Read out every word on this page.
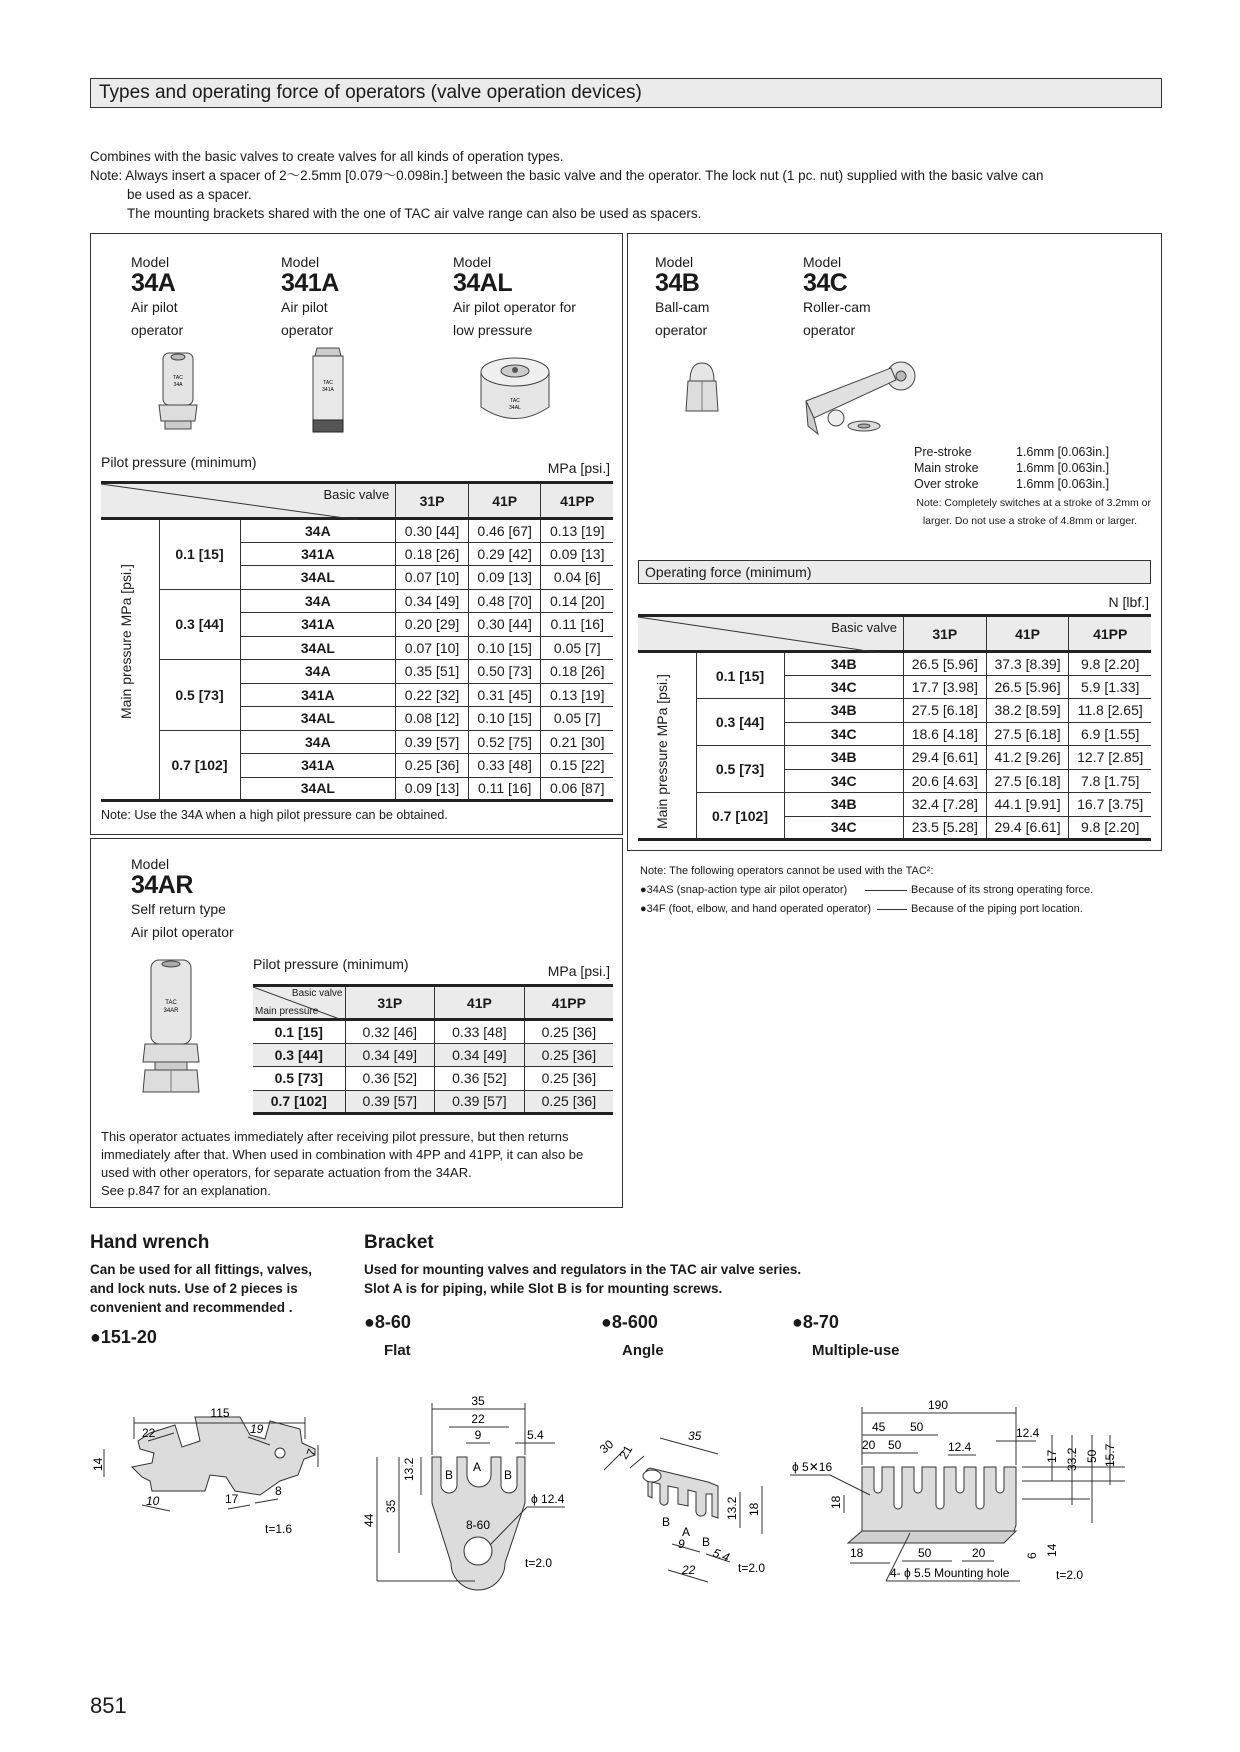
Types and operating force of operators (valve operation devices)
Combines with the basic valves to create valves for all kinds of operation types.
Note: Always insert a spacer of 2～2.5mm [0.079～0.098in.] between the basic valve and the operator. The lock nut (1 pc. nut) supplied with the basic valve can
be used as a spacer.
The mounting brackets shared with the one of TAC air valve range can also be used as spacers.
Model
34A
Air pilot
operator
Model
341A
Air pilot
operator
Model
34AL
Air pilot operator for
low pressure
TAC
34A	TAC
341A
TAC
34AL
Pilot pressure (minimum)	MPa [psi.]
Basic valve			31P	41P	41PP
	0.1 [15]	34A	0.30 [44]	0.46 [67]	0.13 [19]
		341A	0.18 [26]	0.29 [42]	0.09 [13]
		34AL	0.07 [10]	0.09 [13]	0.04 [6]
	0.3 [44]	34A	0.34 [49]	0.48 [70]	0.14 [20]
		341A	0.20 [29]	0.30 [44]	0.11 [16]
		34AL	0.07 [10]	0.10 [15]	0.05 [7]
	0.5 [73]	34A	0.35 [51]	0.50 [73]	0.18 [26]
		341A	0.22 [32]	0.31 [45]	0.13 [19]
		34AL	0.08 [12]	0.10 [15]	0.05 [7]
	0.7 [102]	34A	0.39 [57]	0.52 [75]	0.21 [30]
		341A	0.25 [36]	0.33 [48]	0.15 [22]
		34AL	0.09 [13]	0.11 [16]	0.06 [87]
Main pressure MPa [psi.]
Note: Use the 34A when a high pilot pressure can be obtained.
Model
34B
Ball-cam
operator
Model
34C
Roller-cam
operator
Pre-stroke	1.6mm [0.063in.]
Main stroke	1.6mm [0.063in.]
Over stroke	1.6mm [0.063in.]
Note: Completely switches at a stroke of 3.2mm or
larger. Do not use a stroke of 4.8mm or larger.
Operating force (minimum)
N [lbf.]
Basic valve			31P	41P	41PP
	0.1 [15]	34B	26.5 [5.96]	37.3 [8.39]	9.8 [2.20]
		34C	17.7 [3.98]	26.5 [5.96]	5.9 [1.33]
	0.3 [44]	34B	27.5 [6.18]	38.2 [8.59]	11.8 [2.65]
		34C	18.6 [4.18]	27.5 [6.18]	6.9 [1.55]
	0.5 [73]	34B	29.4 [6.61]	41.2 [9.26]	12.7 [2.85]
		34C	20.6 [4.63]	27.5 [6.18]	7.8 [1.75]
	0.7 [102]	34B	32.4 [7.28]	44.1 [9.91]	16.7 [3.75]
		34C	23.5 [5.28]	29.4 [6.61]	9.8 [2.20]
Main pressure MPa [psi.]
Note: The following operators cannot be used with the TAC²:
●34AS (snap-action type air pilot operator)	Because of its strong operating force.
●34F (foot, elbow, and hand operated operator)	Because of the piping port location.
Model
34AR
Self return type
Air pilot operator
TAC
34AR
Pilot pressure (minimum)	MPa [psi.]
Basic valve
Main pressure	31P	41P	41PP
0.1 [15]	0.32 [46]	0.33 [48]	0.25 [36]
0.3 [44]	0.34 [49]	0.34 [49]	0.25 [36]
0.5 [73]	0.36 [52]	0.36 [52]	0.25 [36]
0.7 [102]	0.39 [57]	0.39 [57]	0.25 [36]
This operator actuates immediately after receiving pilot pressure, but then returns
immediately after that. When used in combination with 4PP and 41PP, it can also be
used with other operators, for separate actuation from the 34AR.
See p.847 for an explanation.
Hand wrench
Can be used for all fittings, valves,
and lock nuts. Use of 2 pieces is
convenient and recommended .
●151-20
Bracket
Used for mounting valves and regulators in the TAC air valve series.
Slot A is for piping, while Slot B is for mounting screws.
●8-60
Flat
●8-600
Angle
●8-70
Multiple-use
115
22	19
14
7
10	17
8
t=1.6
35
22
9	5.4
B
A
B
8-60
13.2
35
44
ϕ 12.4
t=2.0
30 21
35
13.2 18
B
A
B
9
5.4
22	t=2.0
190
45 50
20 50	12.4
12.4
ϕ 5✕16
18
18	50	20	6 14
17 33.2 50 15.7
4- ϕ 5.5 Mounting hole	t=2.0
851
